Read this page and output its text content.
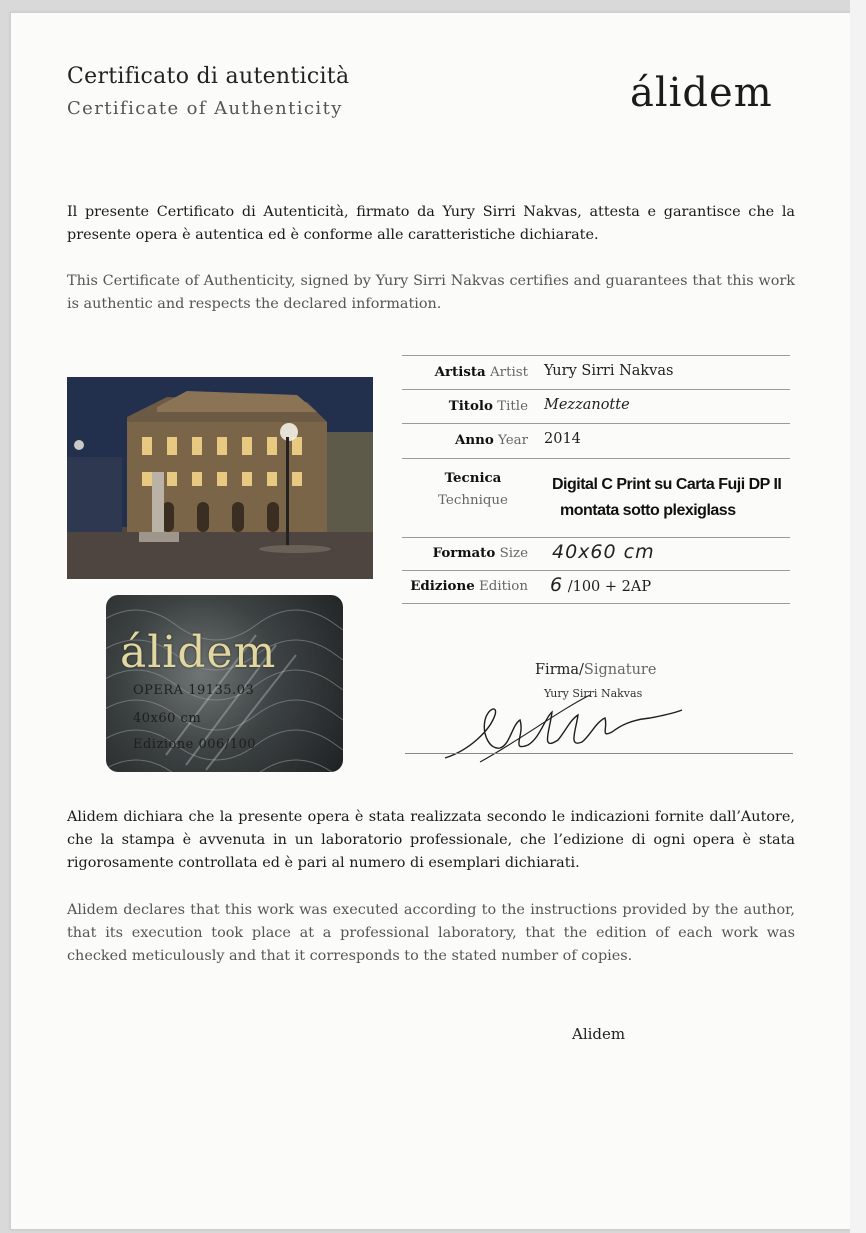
Certificato di autenticità
Certificate of Authenticity	álidem
Il presente Certificato di Autenticità, firmato da Yury Sirri Nakvas, attesta e garantisce che la presente opera è autentica ed è conforme alle caratteristiche dichiarate.
This Certificate of Authenticity, signed by Yury Sirri Nakvas certifies and guarantees that this work is authentic and respects the declared information.
álidem
OPERA 19135.03
40x60 cm
Edizione 006/100
Artista Artist Yury Sirri Nakvas
Titolo Title Mezzanotte
Anno Year 2014
Tecnica
Technique
Digital C Print su Carta Fuji DP II
montata sotto plexiglass
Formato Size 40x60 cm
Edizione Edition 6 /100 + 2AP
Firma/Signature
Yury Sirri Nakvas
Alidem dichiara che la presente opera è stata realizzata secondo le indicazioni fornite dall’Autore, che la stampa è avvenuta in un laboratorio professionale, che l’edizione di ogni opera è stata rigorosamente controllata ed è pari al numero di esemplari dichiarati.
Alidem declares that this work was executed according to the instructions provided by the author, that its execution took place at a professional laboratory, that the edition of each work was checked meticulously and that it corresponds to the stated number of copies.
Alidem
